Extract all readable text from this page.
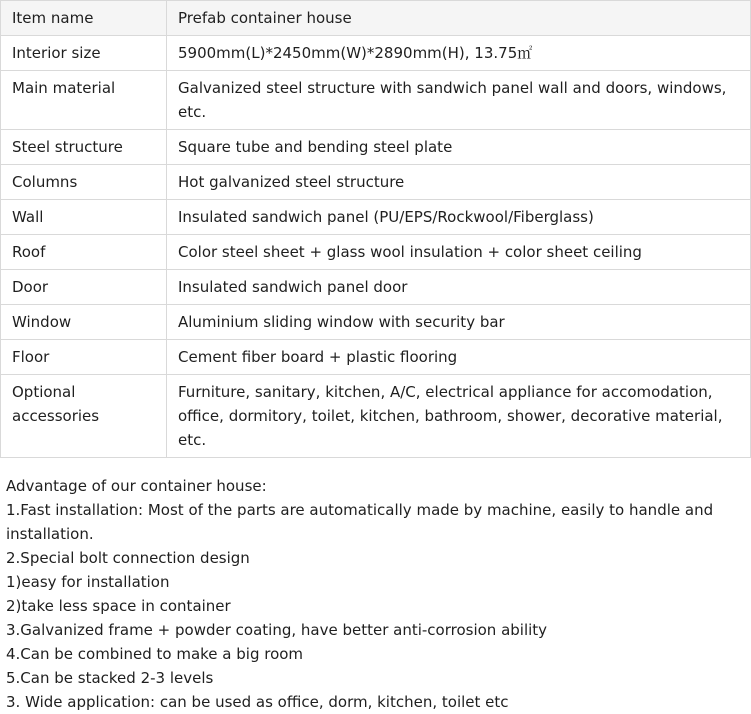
Item name	Prefab container house
Interior size	5900mm(L)*2450mm(W)*2890mm(H), 13.75㎡
Main material	Galvanized steel structure with sandwich panel wall and doors, windows, etc.
Steel structure	Square tube and bending steel plate
Columns	Hot galvanized steel structure
Wall	Insulated sandwich panel (PU/EPS/Rockwool/Fiberglass)
Roof	Color steel sheet + glass wool insulation + color sheet ceiling
Door	Insulated sandwich panel door
Window	Aluminium sliding window with security bar
Floor	Cement fiber board + plastic flooring
Optional accessories	Furniture, sanitary, kitchen, A/C, electrical appliance for accomodation, office, dormitory, toilet, kitchen, bathroom, shower, decorative material, etc.
Advantage of our container house:
1.Fast installation: Most of the parts are automatically made by machine, easily to handle and installation.
2.Special bolt connection design
1)easy for installation
2)take less space in container
3.Galvanized frame + powder coating, have better anti-corrosion ability
4.Can be combined to make a big room
5.Can be stacked 2-3 levels
3. Wide application: can be used as office, dorm, kitchen, toilet etc
